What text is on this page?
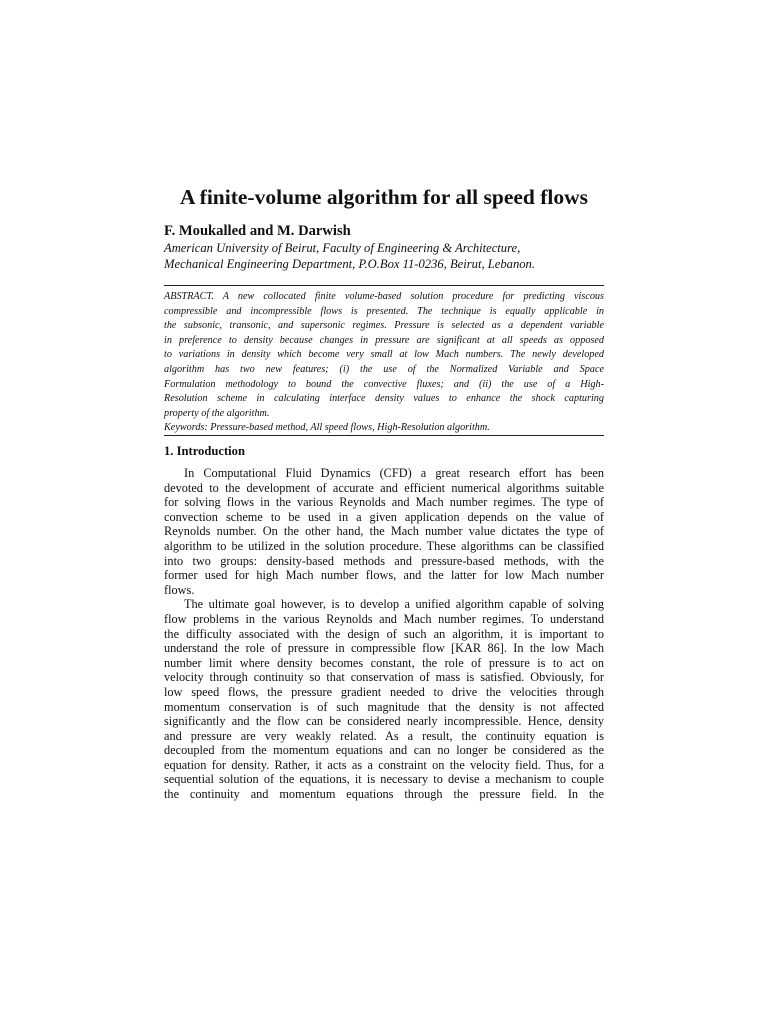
A finite-volume algorithm for all speed flows
F. Moukalled and M. Darwish
American University of Beirut, Faculty of Engineering & Architecture,
Mechanical Engineering Department, P.O.Box 11-0236, Beirut, Lebanon.
ABSTRACT. A new collocated finite volume-based solution procedure for predicting viscous
compressible and incompressible flows is presented. The technique is equally applicable in
the subsonic, transonic, and supersonic regimes. Pressure is selected as a dependent variable
in preference to density because changes in pressure are significant at all speeds as opposed
to variations in density which become very small at low Mach numbers. The newly developed
algorithm has two new features; (i) the use of the Normalized Variable and Space
Formulation methodology to bound the convective fluxes; and (ii) the use of a High-
Resolution scheme in calculating interface density values to enhance the shock capturing
property of the algorithm.
Keywords: Pressure-based method, All speed flows, High-Resolution algorithm.
1. Introduction
In Computational Fluid Dynamics (CFD) a great research effort has been
devoted to the development of accurate and efficient numerical algorithms suitable
for solving flows in the various Reynolds and Mach number regimes. The type of
convection scheme to be used in a given application depends on the value of
Reynolds number. On the other hand, the Mach number value dictates the type of
algorithm to be utilized in the solution procedure. These algorithms can be classified
into two groups: density-based methods and pressure-based methods, with the
former used for high Mach number flows, and the latter for low Mach number
flows.
The ultimate goal however, is to develop a unified algorithm capable of solving
flow problems in the various Reynolds and Mach number regimes. To understand
the difficulty associated with the design of such an algorithm, it is important to
understand the role of pressure in compressible flow [KAR 86]. In the low Mach
number limit where density becomes constant, the role of pressure is to act on
velocity through continuity so that conservation of mass is satisfied. Obviously, for
low speed flows, the pressure gradient needed to drive the velocities through
momentum conservation is of such magnitude that the density is not affected
significantly and the flow can be considered nearly incompressible. Hence, density
and pressure are very weakly related. As a result, the continuity equation is
decoupled from the momentum equations and can no longer be considered as the
equation for density. Rather, it acts as a constraint on the velocity field. Thus, for a
sequential solution of the equations, it is necessary to devise a mechanism to couple
the continuity and momentum equations through the pressure field. In the
